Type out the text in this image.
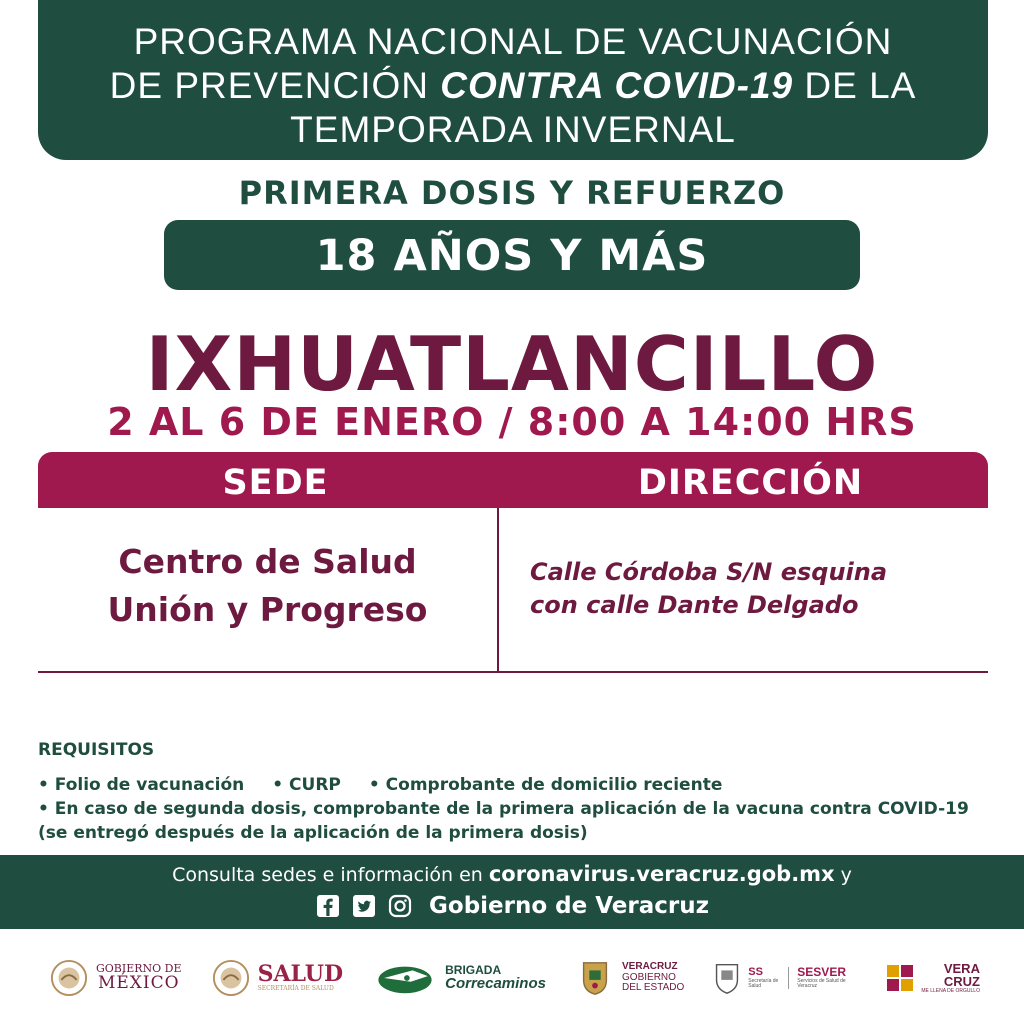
PROGRAMA NACIONAL DE VACUNACIÓN
DE PREVENCIÓN CONTRA COVID-19 DE LA
TEMPORADA INVERNAL
PRIMERA DOSIS Y REFUERZO
18 AÑOS Y MÁS
IXHUATLANCILLO
2 AL 6 DE ENERO / 8:00 A 14:00 HRS
SEDE	DIRECCIÓN
Centro de Salud
Unión y Progreso
Calle Córdoba S/N esquina
con calle Dante Delgado
REQUISITOS
• Folio de vacunación • CURP • Comprobante de domicilio reciente
• En caso de segunda dosis, comprobante de la primera aplicación de la vacuna contra COVID-19 (se entregó después de la aplicación de la primera dosis)
Consulta sedes e información en coronavirus.veracruz.gob.mx y
Gobierno de Veracruz
GOBIERNO DE
MÉXICO	SALUD
SECRETARÍA DE SALUD
BRIGADA
Correcaminos
VERACRUZ
GOBIERNO
DEL ESTADO
SS
Secretaría de Salud
SESVER
Servicios de Salud de Veracruz
VERA
CRUZ
ME LLENA DE ORGULLO
